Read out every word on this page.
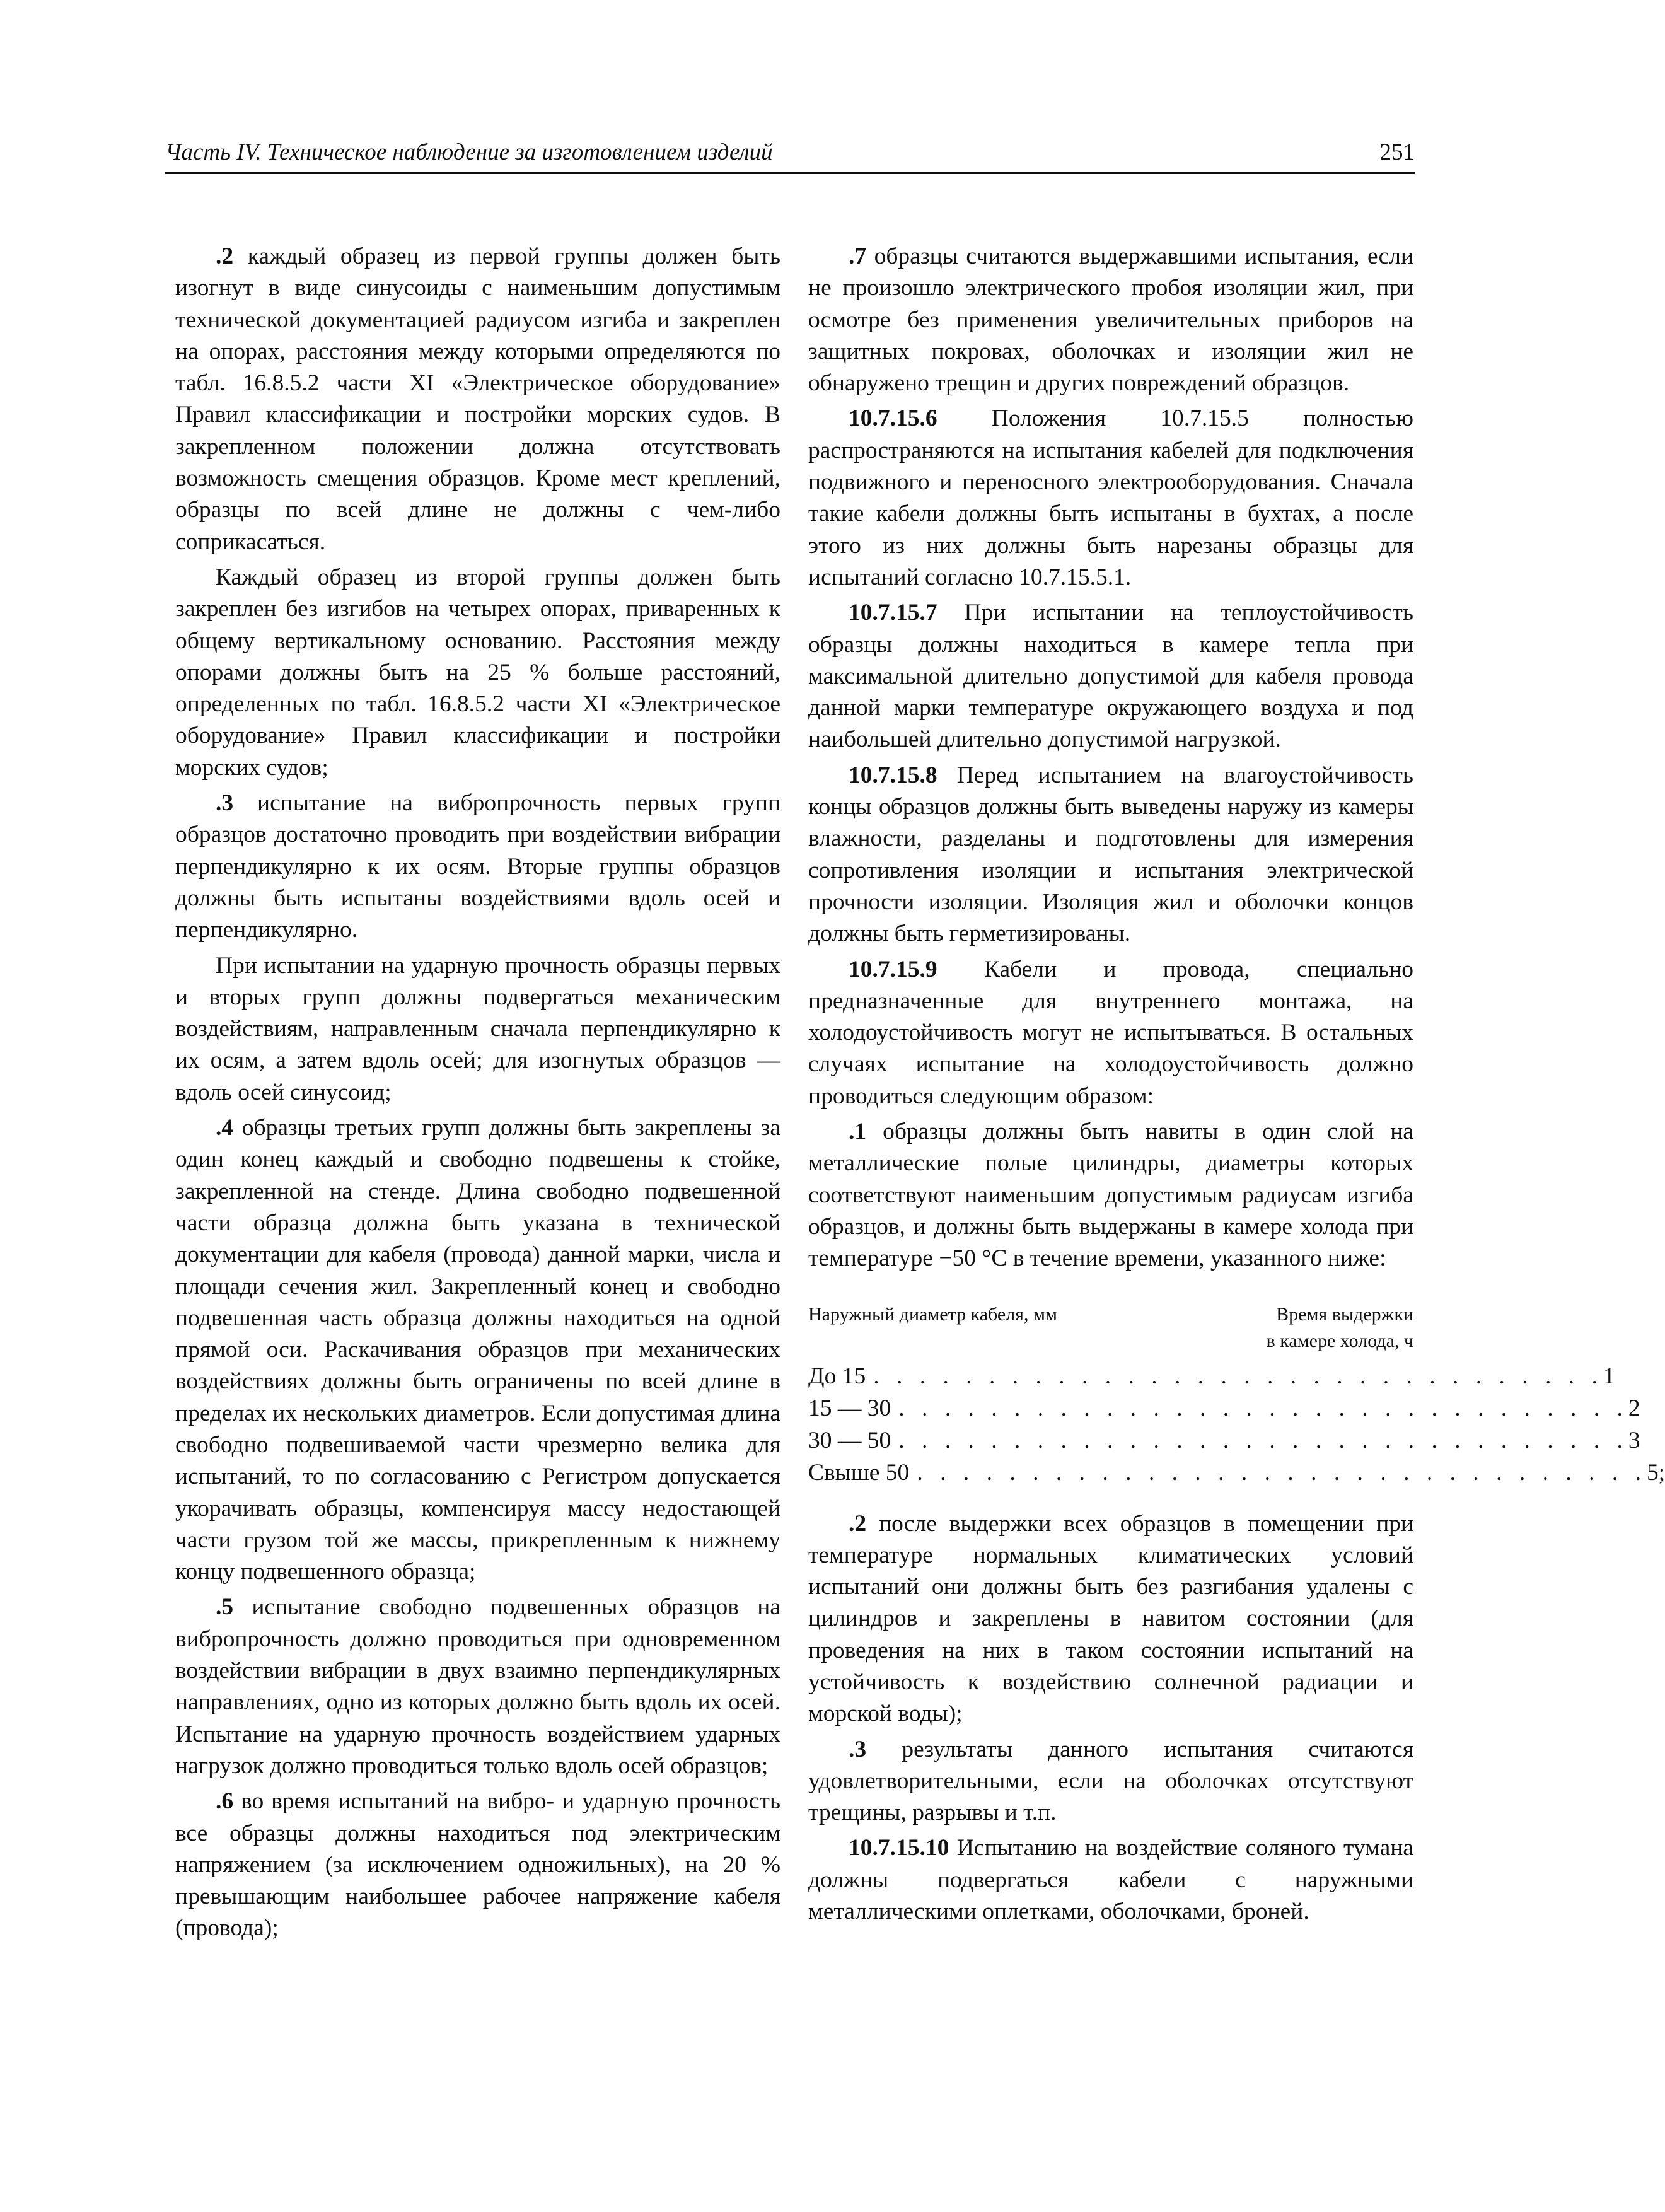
Часть IV. Техническое наблюдение за изготовлением изделий	251

.2 каждый образец из первой группы должен быть изогнут в виде синусоиды с наименьшим допустимым технической документацией радиусом изгиба и закреплен на опорах, расстояния между которыми определяются по табл. 16.8.5.2 части XI «Электрическое оборудование» Правил классификации и постройки морских судов. В закрепленном положении должна отсутствовать возможность смещения образцов. Кроме мест креплений, образцы по всей длине не должны с чем-либо соприкасаться.

Каждый образец из второй группы должен быть закреплен без изгибов на четырех опорах, приваренных к общему вертикальному основанию. Расстояния между опорами должны быть на 25 % больше расстояний, определенных по табл. 16.8.5.2 части XI «Электрическое оборудование» Правил классификации и постройки морских судов;

.3 испытание на вибропрочность первых групп образцов достаточно проводить при воздействии вибрации перпендикулярно к их осям. Вторые группы образцов должны быть испытаны воздействиями вдоль осей и перпендикулярно.

При испытании на ударную прочность образцы первых и вторых групп должны подвергаться механическим воздействиям, направленным сначала перпендикулярно к их осям, а затем вдоль осей; для изогнутых образцов — вдоль осей синусоид;

.4 образцы третьих групп должны быть закреплены за один конец каждый и свободно подвешены к стойке, закрепленной на стенде. Длина свободно подвешенной части образца должна быть указана в технической документации для кабеля (провода) данной марки, числа и площади сечения жил. Закрепленный конец и свободно подвешенная часть образца должны находиться на одной прямой оси. Раскачивания образцов при механических воздействиях должны быть ограничены по всей длине в пределах их нескольких диаметров. Если допустимая длина свободно подвешиваемой части чрезмерно велика для испытаний, то по согласованию с Регистром допускается укорачивать образцы, компенсируя массу недостающей части грузом той же массы, прикрепленным к нижнему концу подвешенного образца;

.5 испытание свободно подвешенных образцов на вибропрочность должно проводиться при одновременном воздействии вибрации в двух взаимно перпендикулярных направлениях, одно из которых должно быть вдоль их осей. Испытание на ударную прочность воздействием ударных нагрузок должно проводиться только вдоль осей образцов;

.6 во время испытаний на вибро- и ударную прочность все образцы должны находиться под электрическим напряжением (за исключением одножильных), на 20 % превышающим наибольшее рабочее напряжение кабеля (провода);

.7 образцы считаются выдержавшими испытания, если не произошло электрического пробоя изоляции жил, при осмотре без применения увеличительных приборов на защитных покровах, оболочках и изоляции жил не обнаружено трещин и других повреждений образцов.

10.7.15.6 Положения 10.7.15.5 полностью распространяются на испытания кабелей для подключения подвижного и переносного электрооборудования. Сначала такие кабели должны быть испытаны в бухтах, а после этого из них должны быть нарезаны образцы для испытаний согласно 10.7.15.5.1.

10.7.15.7 При испытании на теплоустойчивость образцы должны находиться в камере тепла при максимальной длительно допустимой для кабеля провода данной марки температуре окружающего воздуха и под наибольшей длительно допустимой нагрузкой.

10.7.15.8 Перед испытанием на влагоустойчивость концы образцов должны быть выведены наружу из камеры влажности, разделаны и подготовлены для измерения сопротивления изоляции и испытания электрической прочности изоляции. Изоляция жил и оболочки концов должны быть герметизированы.

10.7.15.9 Кабели и провода, специально предназначенные для внутреннего монтажа, на холодоустойчивость могут не испытываться. В остальных случаях испытание на холодоустойчивость должно проводиться следующим образом:

.1 образцы должны быть навиты в один слой на металлические полые цилиндры, диаметры которых соответствуют наименьшим допустимым радиусам изгиба образцов, и должны быть выдержаны в камере холода при температуре −50 °С в течение времени, указанного ниже:

Наружный диаметр кабеля, мм	Время выдержки
в камере холода, ч
До 15 . . . . . . . . . . . . . . . . . . . . . . . . . . . . . . . . 1
15 — 30 . . . . . . . . . . . . . . . . . . . . . . . . . . . . . . . . 2
30 — 50 . . . . . . . . . . . . . . . . . . . . . . . . . . . . . . . . 3
Свыше 50 . . . . . . . . . . . . . . . . . . . . . . . . . . . . . . . . 5;

.2 после выдержки всех образцов в помещении при температуре нормальных климатических условий испытаний они должны быть без разгибания удалены с цилиндров и закреплены в навитом состоянии (для проведения на них в таком состоянии испытаний на устойчивость к воздействию солнечной радиации и морской воды);

.3 результаты данного испытания считаются удовлетворительными, если на оболочках отсутствуют трещины, разрывы и т.п.

10.7.15.10 Испытанию на воздействие соляного тумана должны подвергаться кабели с наружными металлическими оплетками, оболочками, броней.
